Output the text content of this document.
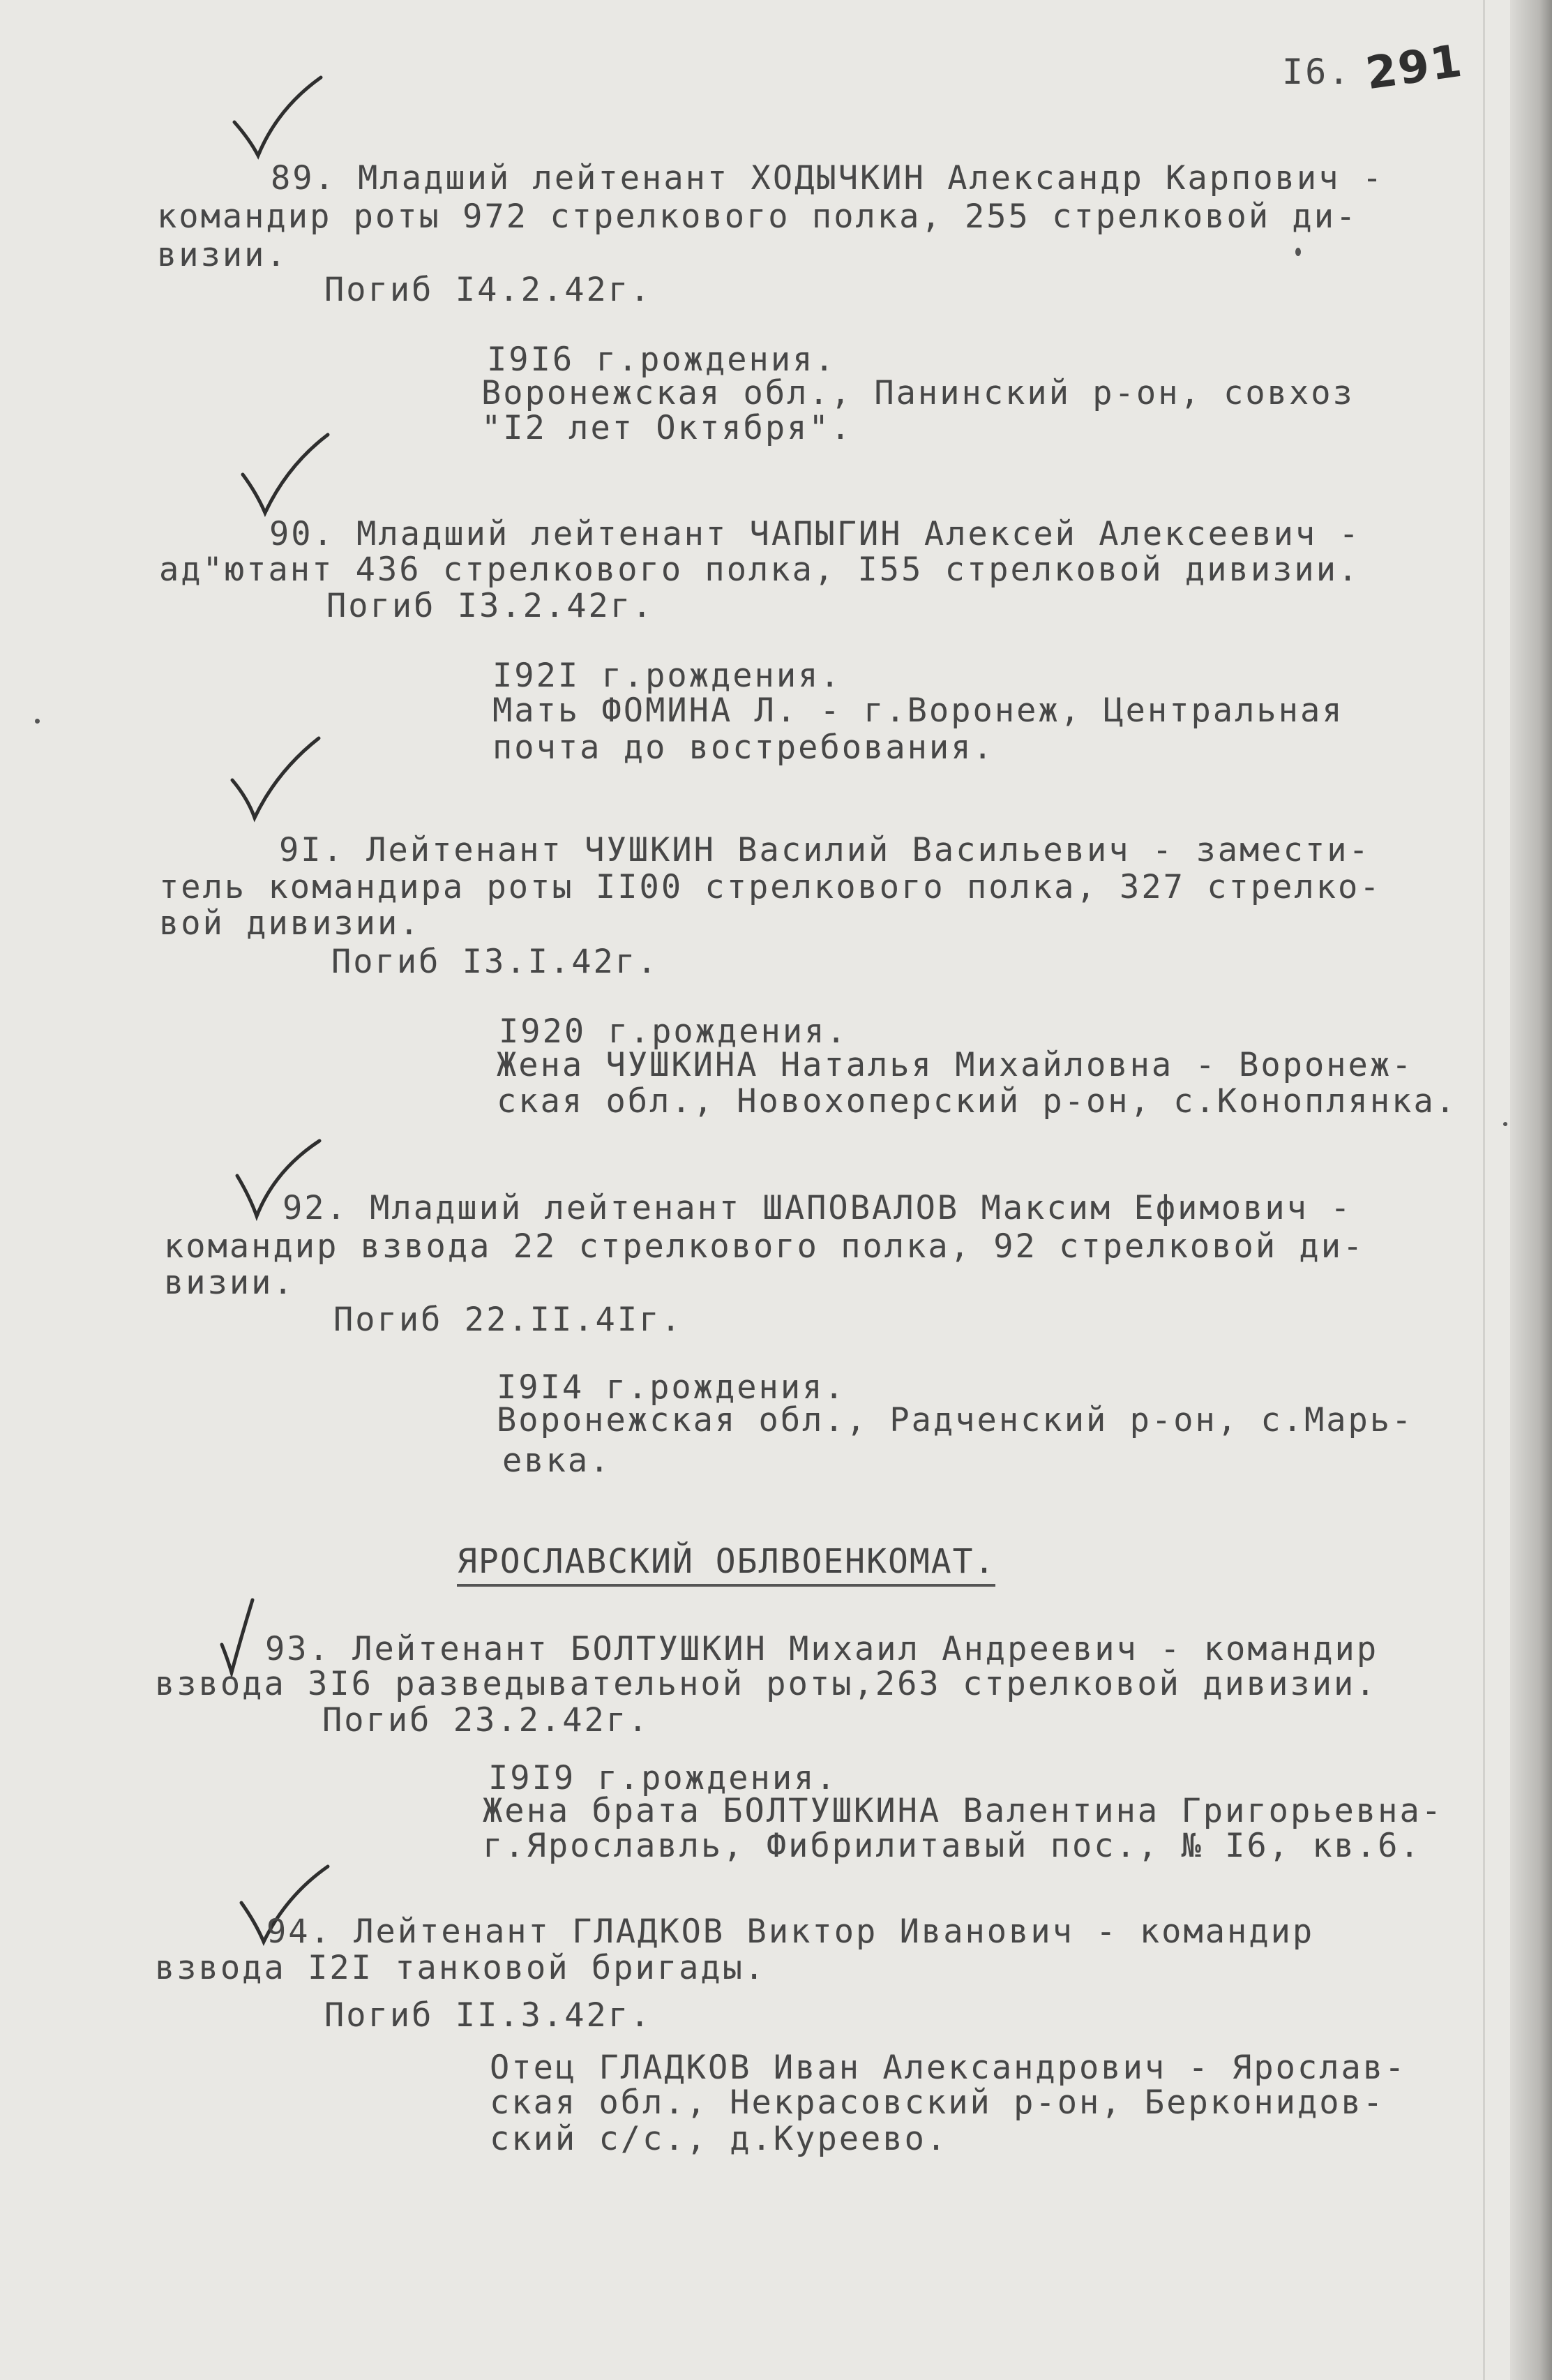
I6. 291
89. Младший лейтенант ХОДЫЧКИН Александр Карпович -
командир роты 972 стрелкового полка, 255 стрелковой ди-
визии.
Погиб I4.2.42г.
I9I6 г.рождения.
Воронежская обл., Панинский р-он, совхоз
"I2 лет Октября".
90. Младший лейтенант ЧАПЫГИН Алексей Алексеевич -
ад"ютант 436 стрелкового полка, I55 стрелковой дивизии.
Погиб I3.2.42г.
I92I г.рождения.
Мать ФОМИНА Л. - г.Воронеж, Центральная
почта до востребования.
9I. Лейтенант ЧУШКИН Василий Васильевич - замести-
тель командира роты II00 стрелкового полка, 327 стрелко-
вой дивизии.
Погиб I3.I.42г.
I920 г.рождения.
Жена ЧУШКИНА Наталья Михайловна - Воронеж-
ская обл., Новохоперский р-он, с.Коноплянка.
92. Младший лейтенант ШАПОВАЛОВ Максим Ефимович -
командир взвода 22 стрелкового полка, 92 стрелковой ди-
визии.
Погиб 22.II.4Iг.
I9I4 г.рождения.
Воронежская обл., Радченский р-он, с.Марь-
евка.
ЯРОСЛАВСКИЙ ОБЛВОЕНКОМАТ.
93. Лейтенант БОЛТУШКИН Михаил Андреевич - командир
взвода 3I6 разведывательной роты,263 стрелковой дивизии.
Погиб 23.2.42г.
I9I9 г.рождения.
Жена брата БОЛТУШКИНА Валентина Григорьевна-
г.Ярославль, Фибрилитавый пос., № I6, кв.6.
94. Лейтенант ГЛАДКОВ Виктор Иванович - командир
взвода I2I танковой бригады.
Погиб II.3.42г.
Отец ГЛАДКОВ Иван Александрович - Ярослав-
ская обл., Некрасовский р-он, Берконидов-
ский с/с., д.Куреево.
